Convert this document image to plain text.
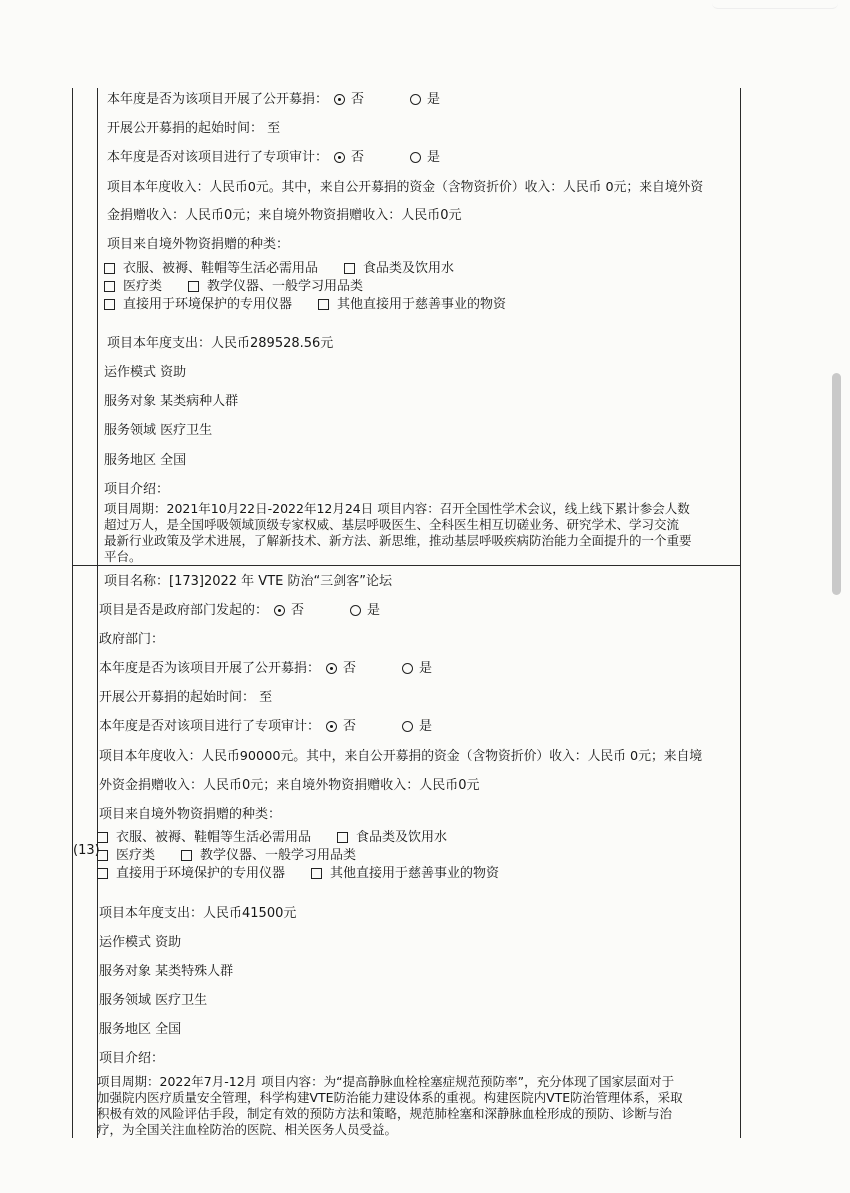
本年度是否为该项目开展了公开募捐： 否	是
开展公开募捐的起始时间： 至
本年度是否对该项目进行了专项审计： 否	是
项目本年度收入：人民币0元。其中，来自公开募捐的资金（含物资折价）收入：人民币 0元；来自境外资
金捐赠收入：人民币0元；来自境外物资捐赠收入：人民币0元
项目来自境外物资捐赠的种类：
衣服、被褥、鞋帽等生活必需用品	食品类及饮用水
医疗类	教学仪器、一般学习用品类
直接用于环境保护的专用仪器	其他直接用于慈善事业的物资
项目本年度支出：人民币289528.56元
运作模式 资助
服务对象 某类病种人群
服务领域 医疗卫生
服务地区 全国
项目介绍：
项目周期：2021年10月22日-2022年12月24日 项目内容：召开全国性学术会议，线上线下累计参会人数
超过万人，是全国呼吸领域顶级专家权威、基层呼吸医生、全科医生相互切磋业务、研究学术、学习交流
最新行业政策及学术进展，了解新技术、新方法、新思维，推动基层呼吸疾病防治能力全面提升的一个重要
平台。
(13)
项目名称：[173]2022 年 VTE 防治“三剑客”论坛
项目是否是政府部门发起的： 否	是
政府部门：
本年度是否为该项目开展了公开募捐： 否	是
开展公开募捐的起始时间： 至
本年度是否对该项目进行了专项审计： 否	是
项目本年度收入：人民币90000元。其中，来自公开募捐的资金（含物资折价）收入：人民币 0元；来自境
外资金捐赠收入：人民币0元；来自境外物资捐赠收入：人民币0元
项目来自境外物资捐赠的种类：
衣服、被褥、鞋帽等生活必需用品	食品类及饮用水
医疗类	教学仪器、一般学习用品类
直接用于环境保护的专用仪器	其他直接用于慈善事业的物资
项目本年度支出：人民币41500元
运作模式 资助
服务对象 某类特殊人群
服务领域 医疗卫生
服务地区 全国
项目介绍：
项目周期：2022年7月-12月 项目内容：为“提高静脉血栓栓塞症规范预防率”，充分体现了国家层面对于
加强院内医疗质量安全管理，科学构建VTE防治能力建设体系的重视。构建医院内VTE防治管理体系，采取
积极有效的风险评估手段，制定有效的预防方法和策略，规范肺栓塞和深静脉血栓形成的预防、诊断与治
疗，为全国关注血栓防治的医院、相关医务人员受益。
